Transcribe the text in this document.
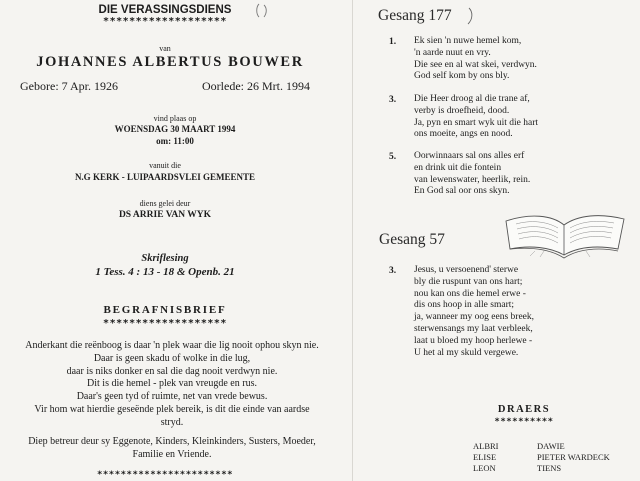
DIE VERASSINGSDIENS
*******************
van
JOHANNES ALBERTUS BOUWER
Gebore: 7 Apr. 1926	Oorlede: 26 Mrt. 1994
vind plaas op
WOENSDAG 30 MAART 1994
om: 11:00
vanuit die
N.G KERK - LUIPAARDSVLEI GEMEENTE
diens gelei deur
DS ARRIE VAN WYK
Skriflesing
1 Tess. 4 : 13 - 18 & Openb. 21
BEGRAFNISBRIEF
*******************
Anderkant die reënboog is daar 'n plek waar die lig nooit ophou skyn nie.
Daar is geen skadu of wolke in die lug,
daar is niks donker en sal die dag nooit verdwyn nie.
Dit is die hemel - plek van vreugde en rus.
Daar's geen tyd of ruimte, net van vrede bewus.
Vir hom wat hierdie geseënde plek bereik, is dit die einde van aardse
stryd.
Diep betreur deur sy Eggenote, Kinders, Kleinkinders, Susters, Moeder,
Familie en Vriende.
***********************
Gesang 177
1. Ek sien 'n nuwe hemel kom,
'n aarde nuut en vry.
Die see en al wat skei, verdwyn.
God self kom by ons bly.
3. Die Heer droog al die trane af,
verby is droefheid, dood.
Ja, pyn en smart wyk uit die hart
ons moeite, angs en nood.
5. Oorwinnaars sal ons alles erf
en drink uit die fontein
van lewenswater, heerlik, rein.
En God sal oor ons skyn.
Gesang 57
3. Jesus, u versoenend' sterwe
bly die ruspunt van ons hart;
nou kan ons die hemel erwe -
dis ons hoop in alle smart;
ja, wanneer my oog eens breek,
sterwensangs my laat verbleek,
laat u bloed my hoop herlewe -
U het al my skuld vergewe.
DRAERS
**********
ALBRI
ELISE
LEON
DAWIE
PIETER WARDECK
TIENS
